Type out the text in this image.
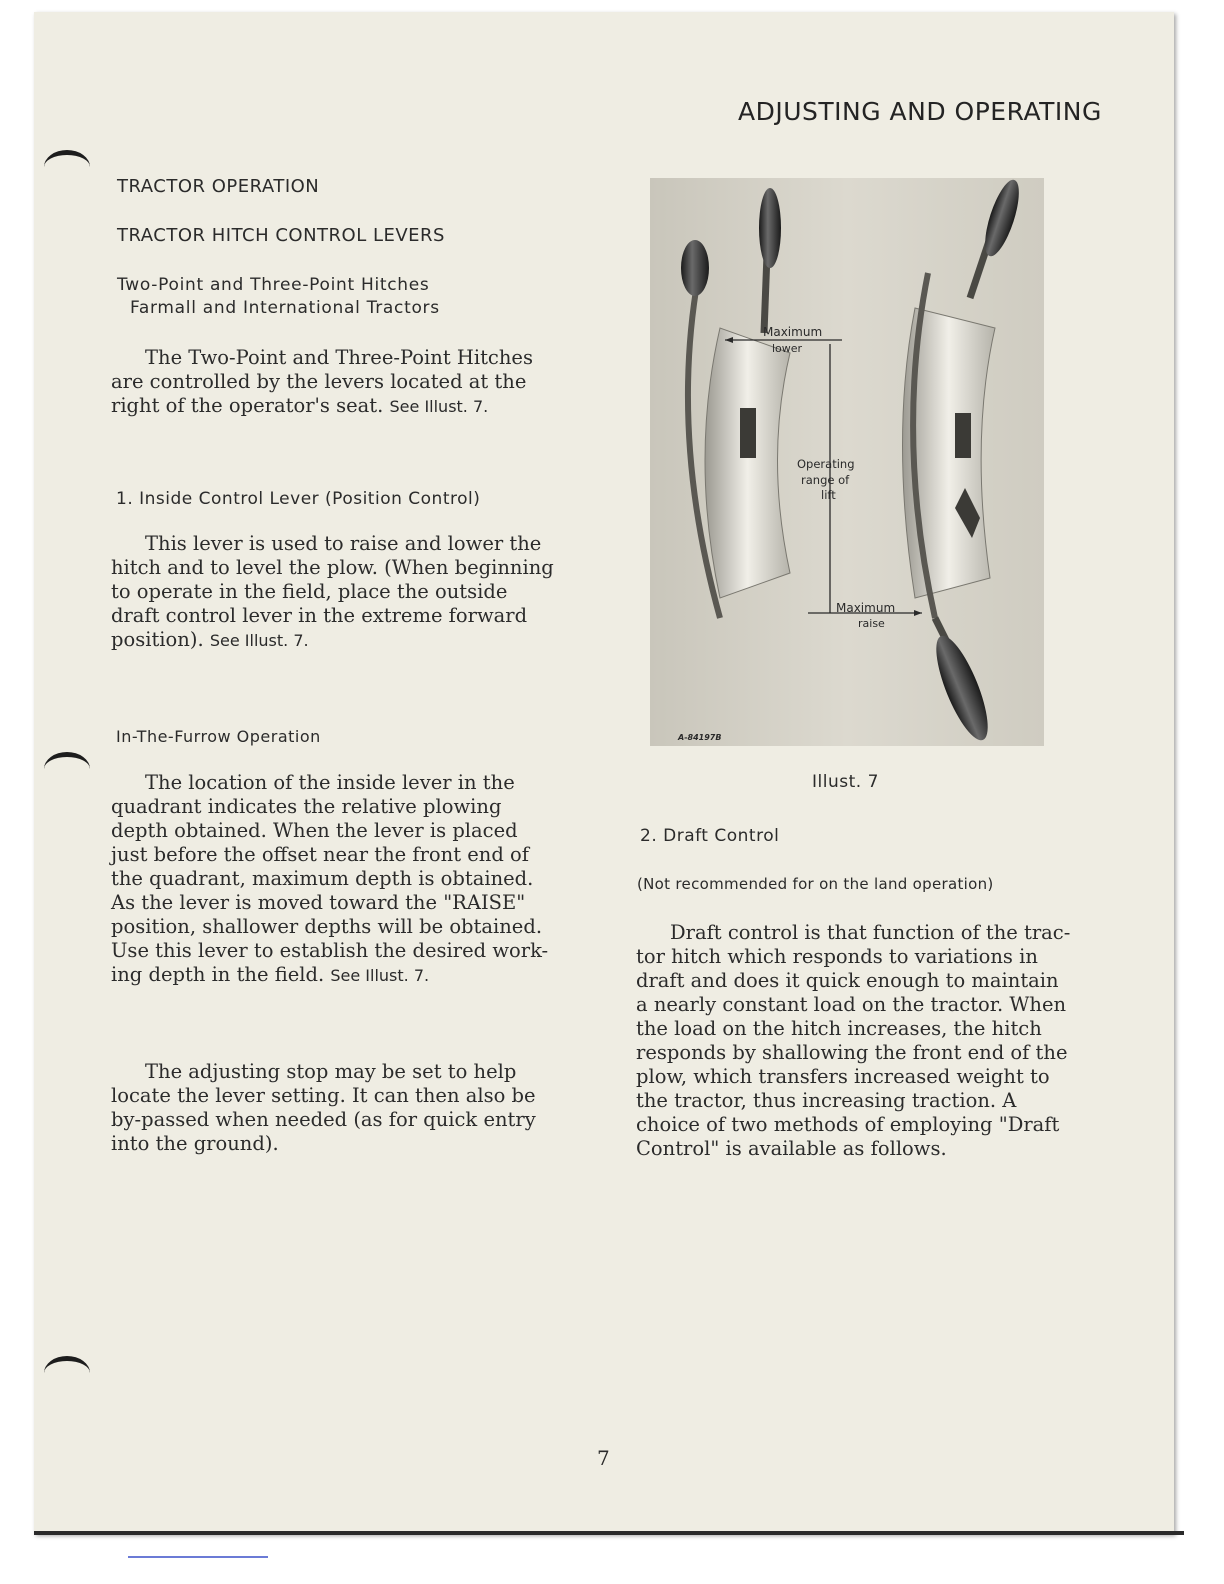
ADJUSTING AND OPERATING
TRACTOR OPERATION
TRACTOR HITCH CONTROL LEVERS
Two-Point and Three-Point Hitches
Farmall and International Tractors
The Two-Point and Three-Point Hitches
are controlled by the levers located at the
right of the operator's seat. See Illust. 7.
1. Inside Control Lever (Position Control)
This lever is used to raise and lower the
hitch and to level the plow. (When beginning
to operate in the field, place the outside
draft control lever in the extreme forward
position). See Illust. 7.
In-The-Furrow Operation
The location of the inside lever in the
quadrant indicates the relative plowing
depth obtained. When the lever is placed
just before the offset near the front end of
the quadrant, maximum depth is obtained.
As the lever is moved toward the "RAISE"
position, shallower depths will be obtained.
Use this lever to establish the desired work-
ing depth in the field. See Illust. 7.
The adjusting stop may be set to help
locate the lever setting. It can then also be
by-passed when needed (as for quick entry
into the ground).
Maximum
lower
Operating
range of
lift
Maximum
raise
A-84197B
Illust. 7
2. Draft Control
(Not recommended for on the land operation)
Draft control is that function of the trac-
tor hitch which responds to variations in
draft and does it quick enough to maintain
a nearly constant load on the tractor. When
the load on the hitch increases, the hitch
responds by shallowing the front end of the
plow, which transfers increased weight to
the tractor, thus increasing traction. A
choice of two methods of employing "Draft
Control" is available as follows.
7
